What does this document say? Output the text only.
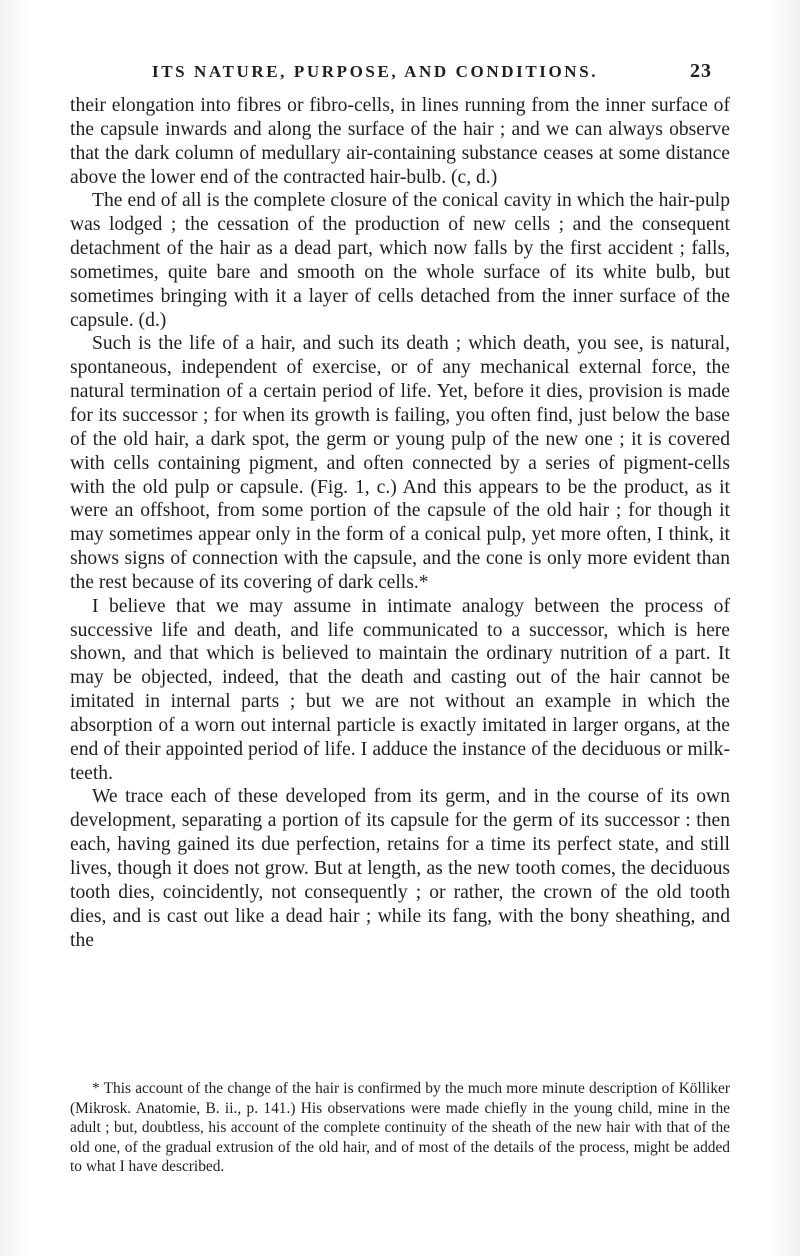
ITS NATURE, PURPOSE, AND CONDITIONS.	23

their elongation into fibres or fibro-cells, in lines running from the inner surface of the capsule inwards and along the surface of the hair ; and we can always observe that the dark column of medullary air-containing substance ceases at some distance above the lower end of the contracted hair-bulb. (c, d.)

The end of all is the complete closure of the conical cavity in which the hair-pulp was lodged ; the cessation of the production of new cells ; and the consequent detachment of the hair as a dead part, which now falls by the first accident ; falls, sometimes, quite bare and smooth on the whole surface of its white bulb, but sometimes bringing with it a layer of cells detached from the inner surface of the capsule. (d.)

Such is the life of a hair, and such its death ; which death, you see, is natural, spontaneous, independent of exercise, or of any mechanical external force, the natural termination of a certain period of life. Yet, before it dies, provision is made for its successor ; for when its growth is failing, you often find, just below the base of the old hair, a dark spot, the germ or young pulp of the new one ; it is covered with cells containing pigment, and often connected by a series of pigment-cells with the old pulp or capsule. (Fig. 1, c.) And this appears to be the product, as it were an offshoot, from some portion of the capsule of the old hair ; for though it may sometimes appear only in the form of a conical pulp, yet more often, I think, it shows signs of connection with the capsule, and the cone is only more evident than the rest because of its covering of dark cells.*

I believe that we may assume in intimate analogy between the process of successive life and death, and life communicated to a successor, which is here shown, and that which is believed to maintain the ordinary nutrition of a part. It may be objected, indeed, that the death and casting out of the hair cannot be imitated in internal parts ; but we are not without an example in which the absorption of a worn out internal particle is exactly imitated in larger organs, at the end of their appointed period of life. I adduce the instance of the deciduous or milk-teeth.

We trace each of these developed from its germ, and in the course of its own development, separating a portion of its capsule for the germ of its successor : then each, having gained its due perfection, retains for a time its perfect state, and still lives, though it does not grow. But at length, as the new tooth comes, the deciduous tooth dies, coincidently, not consequently ; or rather, the crown of the old tooth dies, and is cast out like a dead hair ; while its fang, with the bony sheathing, and the

* This account of the change of the hair is confirmed by the much more minute description of Kölliker (Mikrosk. Anatomie, B. ii., p. 141.) His observations were made chiefly in the young child, mine in the adult ; but, doubtless, his account of the complete continuity of the sheath of the new hair with that of the old one, of the gradual extrusion of the old hair, and of most of the details of the process, might be added to what I have described.
